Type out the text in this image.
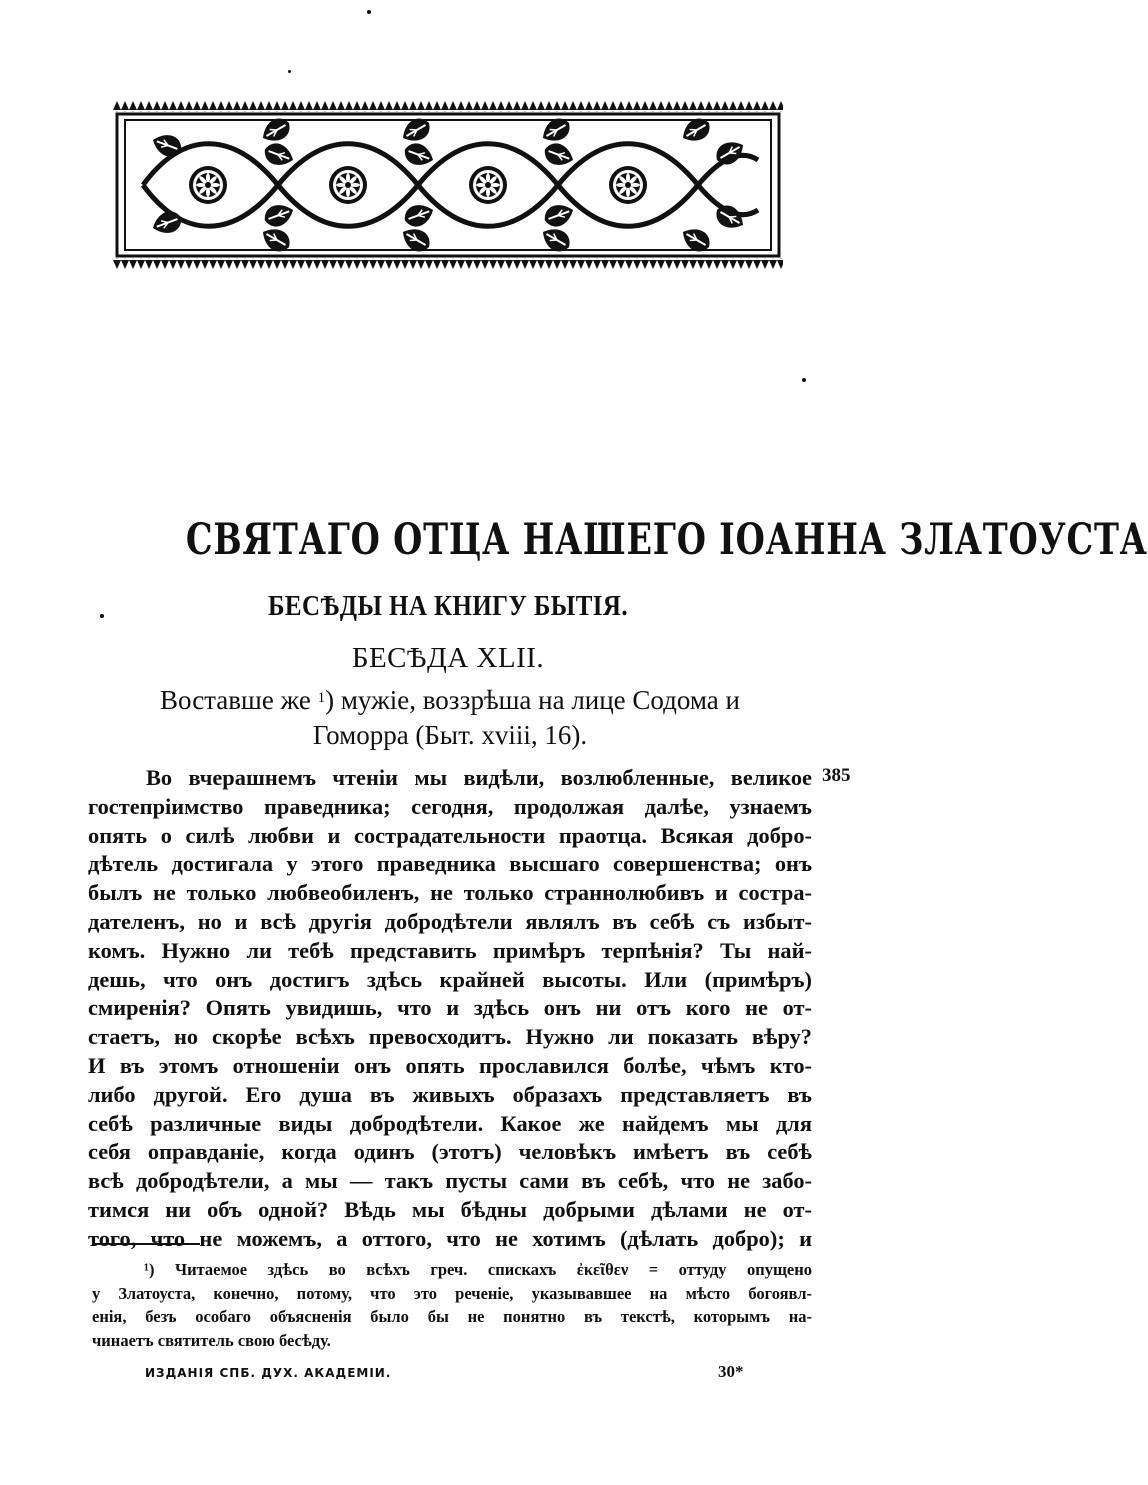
СВЯТАГО ОТЦА НАШЕГО ІОАННА ЗЛАТОУСТА
БЕСѢДЫ НА КНИГУ БЫТІЯ.
БЕСѢДА XLII.
Воставше же $^1$) мужіе, воззрѣша на лице Содома и
Гоморра (Быт. xviii, 16).
385
Во вчерашнемъ чтеніи мы видѣли, возлюбленные, великое
гостепріимство праведника; сегодня, продолжая далѣе, узнаемъ
опять о силѣ любви и сострадательности праотца. Всякая добро-
дѣтель достигала у этого праведника высшаго совершенства; онъ
былъ не только любвеобиленъ, не только страннолюбивъ и состра-
дателенъ, но и всѣ другія добродѣтели являлъ въ себѣ съ избыт-
комъ. Нужно ли тебѣ представить примѣръ терпѣнія? Ты най-
дешь, что онъ достигъ здѣсь крайней высоты. Или (примѣръ)
смиренія? Опять увидишь, что и здѣсь онъ ни отъ кого не от-
стаетъ, но скорѣе всѣхъ превосходитъ. Нужно ли показать вѣру?
И въ этомъ отношеніи онъ опять прославился болѣе, чѣмъ кто-
либо другой. Его душа въ живыхъ образахъ представляетъ въ
себѣ различные виды добродѣтели. Какое же найдемъ мы для
себя оправданіе, когда одинъ (этотъ) человѣкъ имѣетъ въ себѣ
всѣ добродѣтели, а мы — такъ пусты сами въ себѣ, что не забо-
тимся ни объ одной? Вѣдь мы бѣдны добрыми дѣлами не от-
того, что не можемъ, а оттого, что не хотимъ (дѣлать добро); и
¹) Читаемое здѣсь во всѣхъ греч. спискахъ ἐκεῖθεν = оттуду опущено
у Златоуста, конечно, потому, что это реченіе, указывавшее на мѣсто богоявл-
енія, безъ особаго объясненія было бы не понятно въ текстѣ, которымъ на-
чинаетъ святитель свою бесѣду.
ИЗДАНІЯ СПБ. ДУХ. АКАДЕМІИ.	30*
